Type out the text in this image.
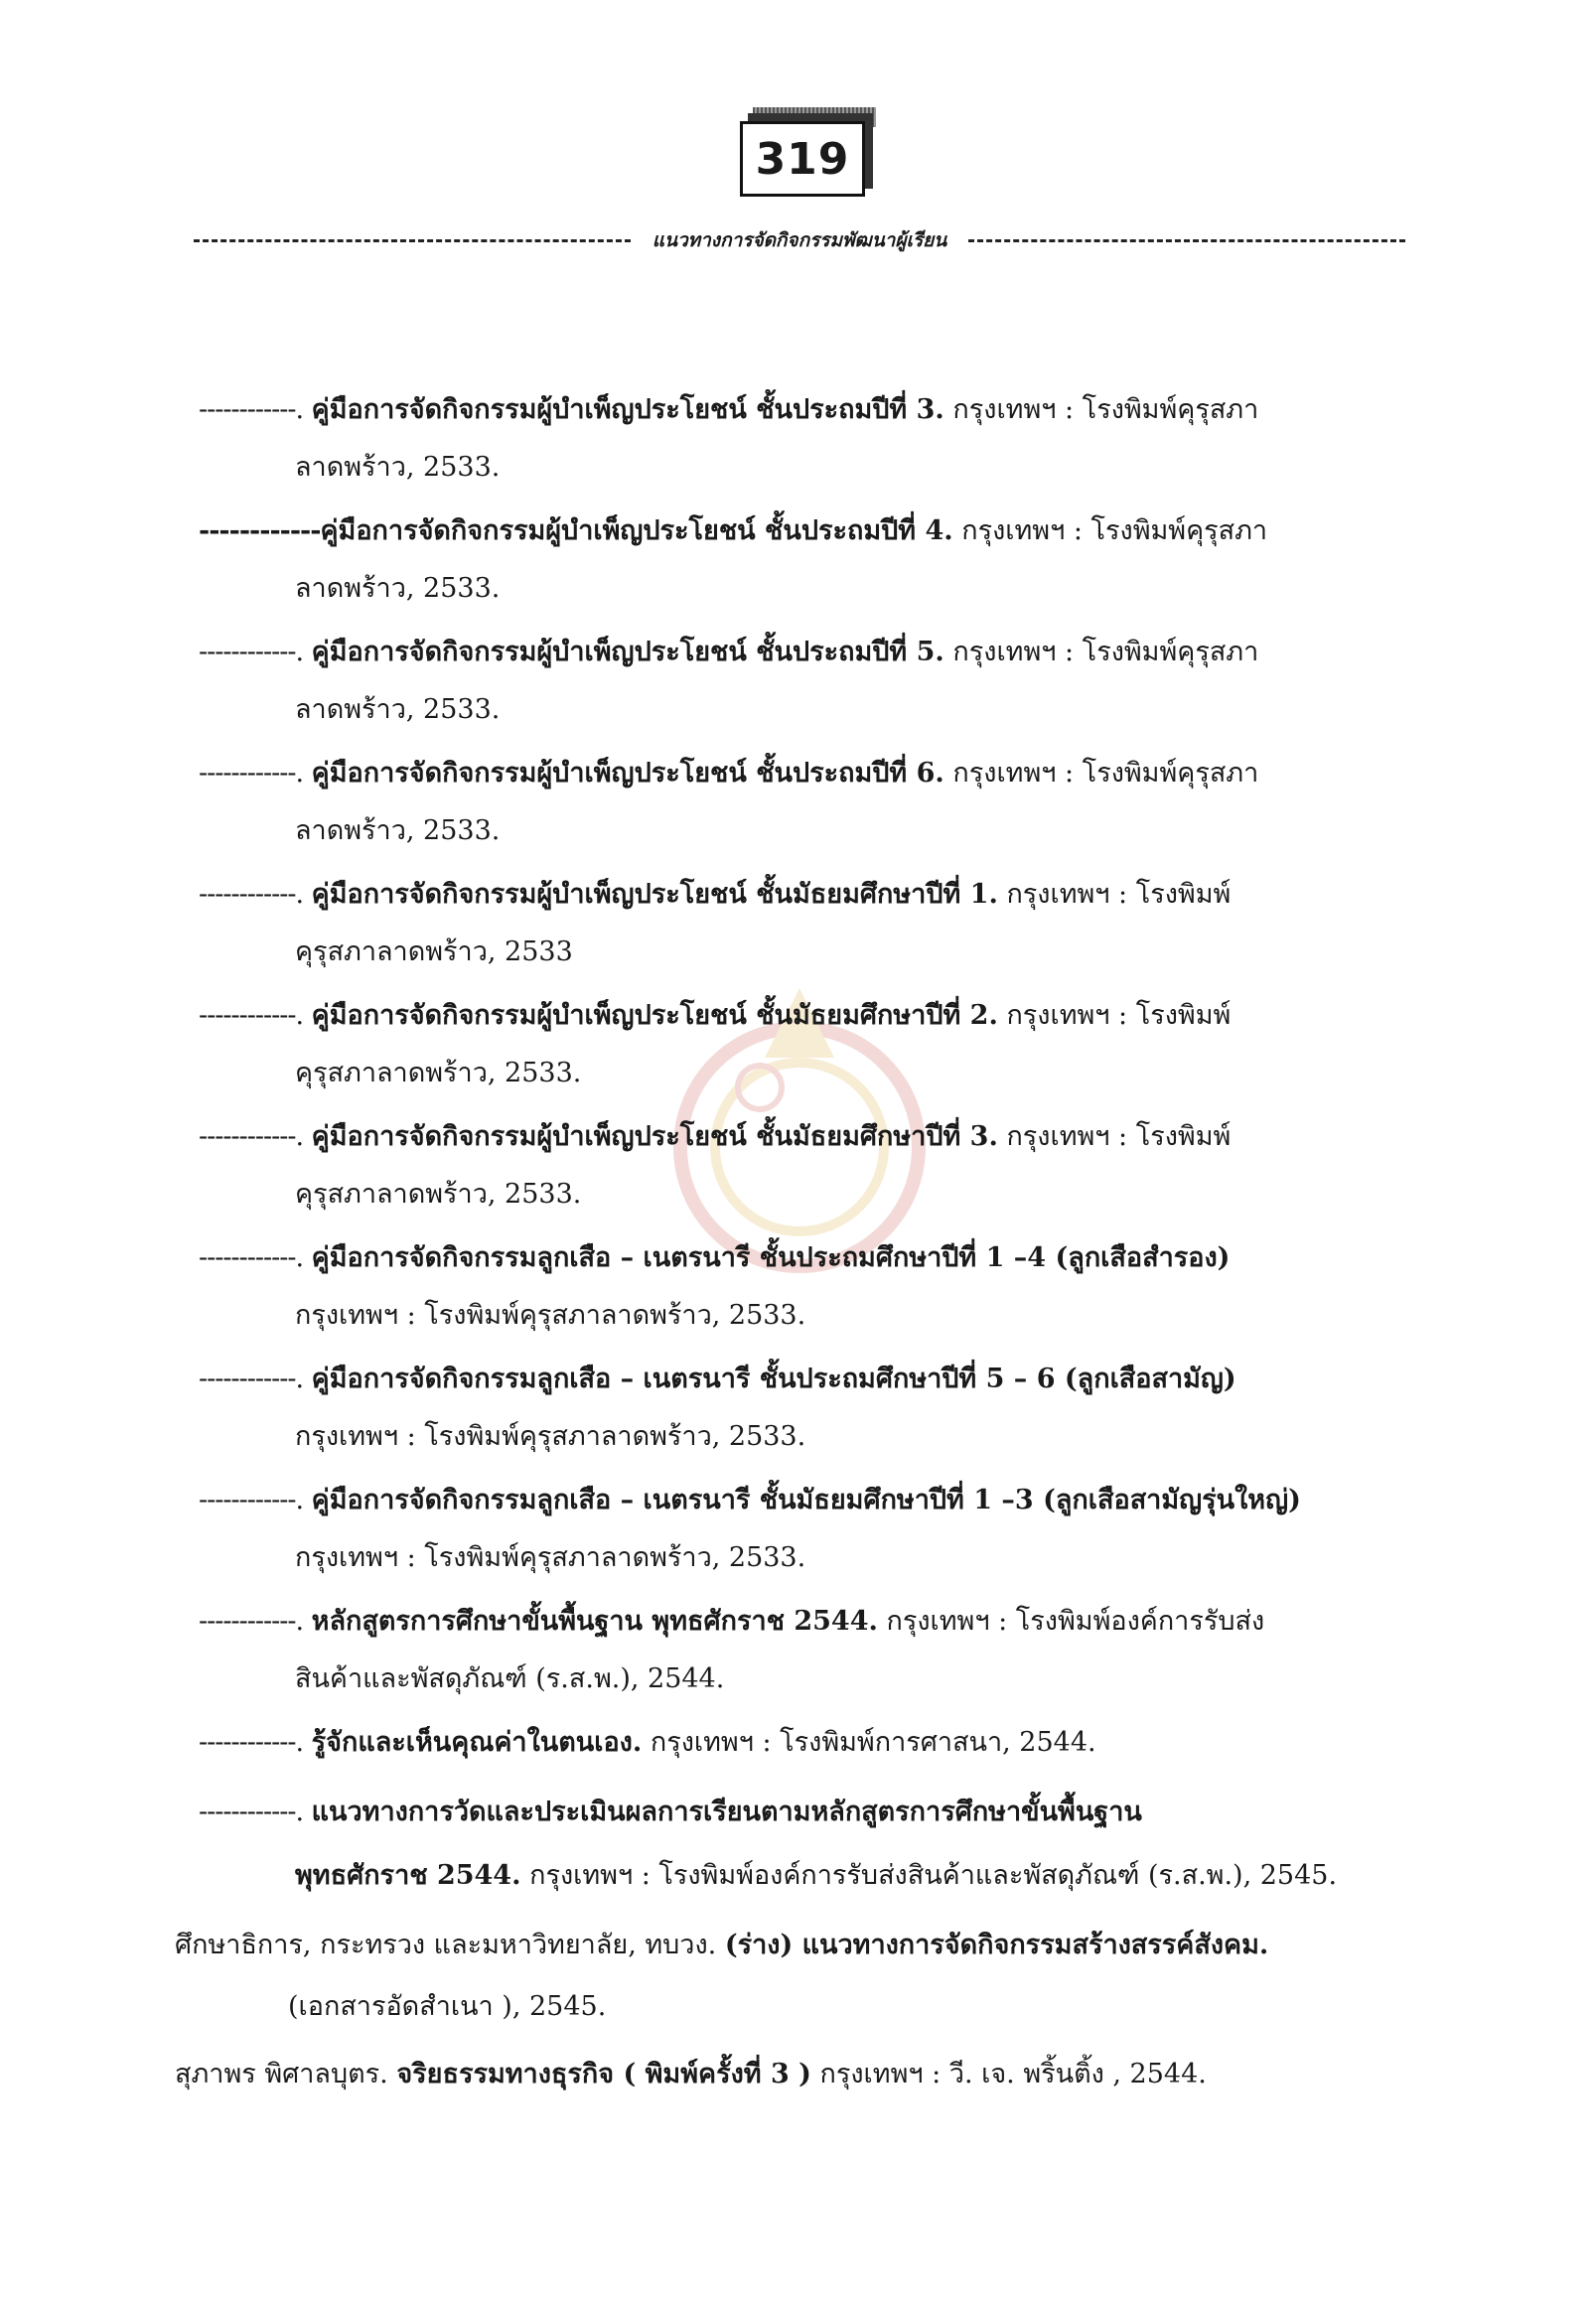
319
แนวทางการจัดกิจกรรมพัฒนาผู้เรียน
------------. คู่มือการจัดกิจกรรมผู้บำเพ็ญประโยชน์ ชั้นประถมปีที่ 3. กรุงเทพฯ : โรงพิมพ์คุรุสภา
ลาดพร้าว, 2533.
------------คู่มือการจัดกิจกรรมผู้บำเพ็ญประโยชน์ ชั้นประถมปีที่ 4. กรุงเทพฯ : โรงพิมพ์คุรุสภา
ลาดพร้าว, 2533.
------------. คู่มือการจัดกิจกรรมผู้บำเพ็ญประโยชน์ ชั้นประถมปีที่ 5. กรุงเทพฯ : โรงพิมพ์คุรุสภา
ลาดพร้าว, 2533.
------------. คู่มือการจัดกิจกรรมผู้บำเพ็ญประโยชน์ ชั้นประถมปีที่ 6. กรุงเทพฯ : โรงพิมพ์คุรุสภา
ลาดพร้าว, 2533.
------------. คู่มือการจัดกิจกรรมผู้บำเพ็ญประโยชน์ ชั้นมัธยมศึกษาปีที่ 1. กรุงเทพฯ : โรงพิมพ์
คุรุสภาลาดพร้าว, 2533
------------. คู่มือการจัดกิจกรรมผู้บำเพ็ญประโยชน์ ชั้นมัธยมศึกษาปีที่ 2. กรุงเทพฯ : โรงพิมพ์
คุรุสภาลาดพร้าว, 2533.
------------. คู่มือการจัดกิจกรรมผู้บำเพ็ญประโยชน์ ชั้นมัธยมศึกษาปีที่ 3. กรุงเทพฯ : โรงพิมพ์
คุรุสภาลาดพร้าว, 2533.
------------. คู่มือการจัดกิจกรรมลูกเสือ – เนตรนารี ชั้นประถมศึกษาปีที่ 1 –4 (ลูกเสือสำรอง)
กรุงเทพฯ : โรงพิมพ์คุรุสภาลาดพร้าว, 2533.
------------. คู่มือการจัดกิจกรรมลูกเสือ – เนตรนารี ชั้นประถมศึกษาปีที่ 5 – 6 (ลูกเสือสามัญ)
กรุงเทพฯ : โรงพิมพ์คุรุสภาลาดพร้าว, 2533.
------------. คู่มือการจัดกิจกรรมลูกเสือ – เนตรนารี ชั้นมัธยมศึกษาปีที่ 1 –3 (ลูกเสือสามัญรุ่นใหญ่)
กรุงเทพฯ : โรงพิมพ์คุรุสภาลาดพร้าว, 2533.
------------. หลักสูตรการศึกษาขั้นพื้นฐาน พุทธศักราช 2544. กรุงเทพฯ : โรงพิมพ์องค์การรับส่ง
สินค้าและพัสดุภัณฑ์ (ร.ส.พ.), 2544.
------------. รู้จักและเห็นคุณค่าในตนเอง. กรุงเทพฯ : โรงพิมพ์การศาสนา, 2544.
------------. แนวทางการวัดและประเมินผลการเรียนตามหลักสูตรการศึกษาขั้นพื้นฐาน
พุทธศักราช 2544. กรุงเทพฯ : โรงพิมพ์องค์การรับส่งสินค้าและพัสดุภัณฑ์ (ร.ส.พ.), 2545.
ศึกษาธิการ, กระทรวง และมหาวิทยาลัย, ทบวง. (ร่าง) แนวทางการจัดกิจกรรมสร้างสรรค์สังคม.
(เอกสารอัดสำเนา ), 2545.
สุภาพร พิศาลบุตร. จริยธรรมทางธุรกิจ ( พิมพ์ครั้งที่ 3 ) กรุงเทพฯ : วี. เจ. พริ้นติ้ง , 2544.
